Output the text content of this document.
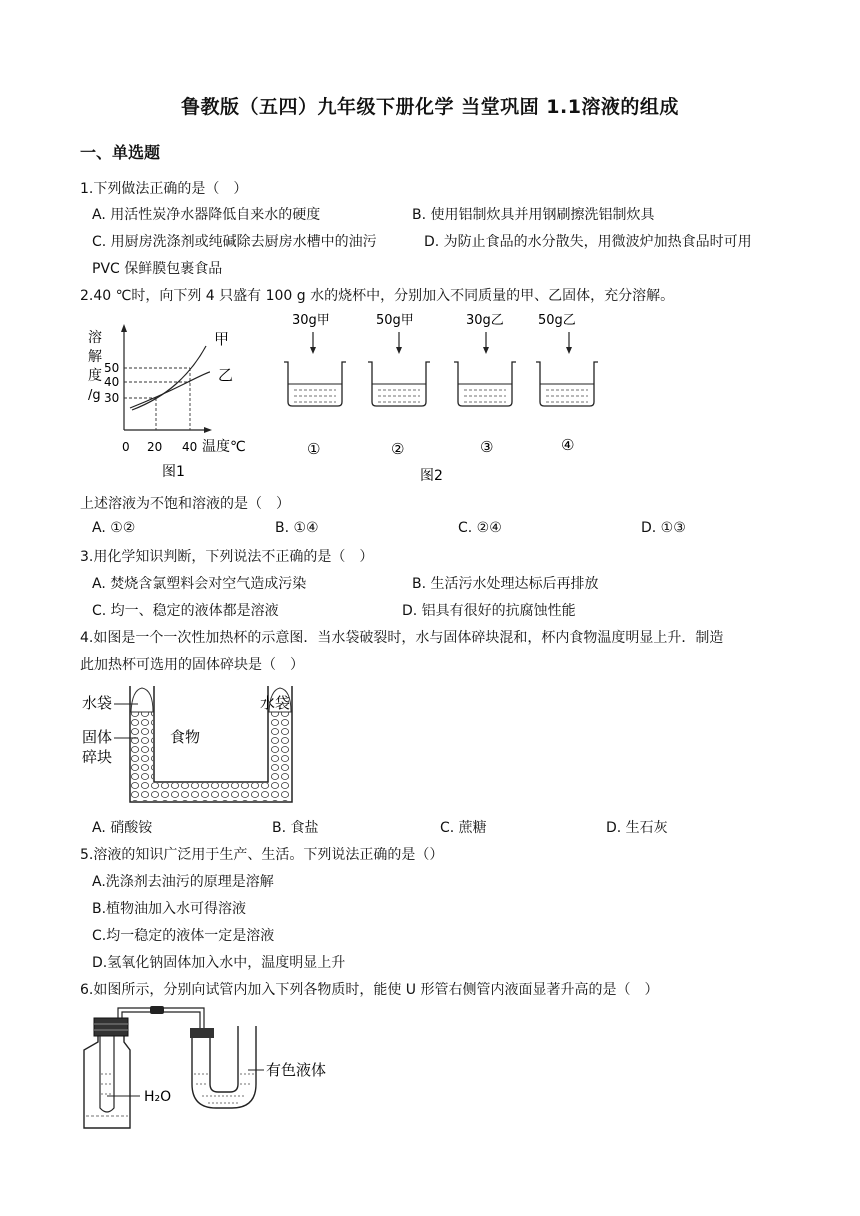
鲁教版（五四）九年级下册化学 当堂巩固 1.1溶液的组成
一、单选题
1.下列做法正确的是（　）
A. 用活性炭净水器降低自来水的硬度	B. 使用铝制炊具并用钢刷擦洗铝制炊具
C. 用厨房洗涤剂或纯碱除去厨房水槽中的油污	D. 为防止食品的水分散失，用微波炉加热食品时可用
PVC 保鲜膜包裹食品
2.40 ℃时，向下列 4 只盛有 100 g 水的烧杯中，分别加入不同质量的甲、乙固体，充分溶解。
溶
解
度
/g
50
40
30
0 20 40 温度℃
甲
乙
图1
30g甲
①
50g甲
②
30g乙
③
50g乙
④
图2
上述溶液为不饱和溶液的是（　）
A. ①②	B. ①④	C. ②④	D. ①③
3.用化学知识判断，下列说法不正确的是（　）
A. 焚烧含氯塑料会对空气造成污染	B. 生活污水处理达标后再排放
C. 均一、稳定的液体都是溶液	D. 铝具有很好的抗腐蚀性能
4.如图是一个一次性加热杯的示意图．当水袋破裂时，水与固体碎块混和，杯内食物温度明显上升．制造
此加热杯可选用的固体碎块是（　）
水袋	水袋
固体
碎块
食物
A. 硝酸铵	B. 食盐	C. 蔗糖	D. 生石灰
5.溶液的知识广泛用于生产、生活。下列说法正确的是（）
A.洗涤剂去油污的原理是溶解
B.植物油加入水可得溶液
C.均一稳定的液体一定是溶液
D.氢氧化钠固体加入水中，温度明显上升
6.如图所示，分别向试管内加入下列各物质时，能使 U 形管右侧管内液面显著升高的是（　）
H₂O
有色液体
